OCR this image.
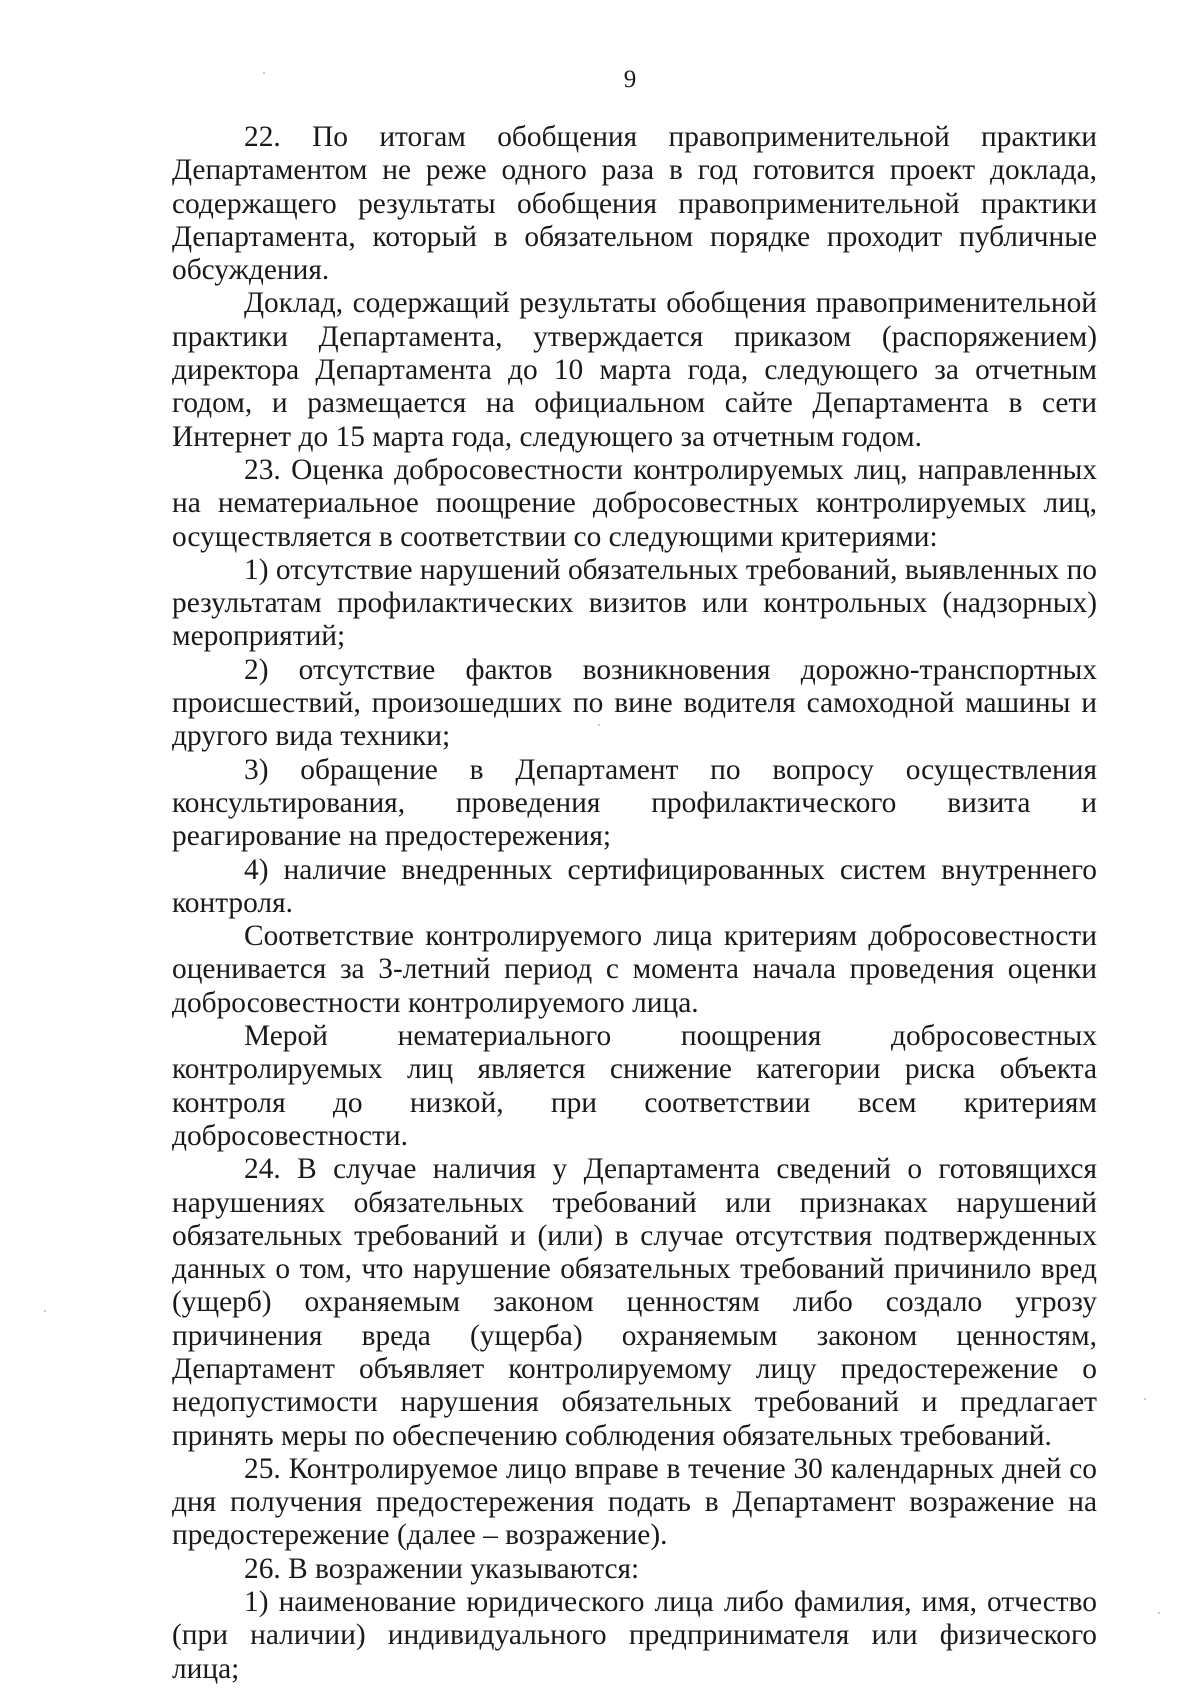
9

22. По итогам обобщения правоприменительной практики Департаментом не реже одного раза в год готовится проект доклада, содержащего результаты обобщения правоприменительной практики Департамента, который в обязательном порядке проходит публичные обсуждения.

Доклад, содержащий результаты обобщения правоприменительной практики Департамента, утверждается приказом (распоряжением) директора Департамента до 10 марта года, следующего за отчетным годом, и размещается на официальном сайте Департамента в сети Интернет до 15 марта года, следующего за отчетным годом.

23. Оценка добросовестности контролируемых лиц, направленных на нематериальное поощрение добросовестных контролируемых лиц, осуществляется в соответствии со следующими критериями:

1) отсутствие нарушений обязательных требований, выявленных по результатам профилактических визитов или контрольных (надзорных) мероприятий;

2) отсутствие фактов возникновения дорожно-транспортных происшествий, произошедших по вине водителя самоходной машины и другого вида техники;

3) обращение в Департамент по вопросу осуществления консультирования, проведения профилактического визита и реагирование на предостережения;

4) наличие внедренных сертифицированных систем внутреннего контроля.

Соответствие контролируемого лица критериям добросовестности оценивается за 3-летний период с момента начала проведения оценки добросовестности контролируемого лица.

Мерой нематериального поощрения добросовестных контролируемых лиц является снижение категории риска объекта контроля до низкой, при соответствии всем критериям добросовестности.

24. В случае наличия у Департамента сведений о готовящихся нарушениях обязательных требований или признаках нарушений обязательных требований и (или) в случае отсутствия подтвержденных данных о том, что нарушение обязательных требований причинило вред (ущерб) охраняемым законом ценностям либо создало угрозу причинения вреда (ущерба) охраняемым законом ценностям, Департамент объявляет контролируемому лицу предостережение о недопустимости нарушения обязательных требований и предлагает принять меры по обеспечению соблюдения обязательных требований.

25. Контролируемое лицо вправе в течение 30 календарных дней со дня получения предостережения подать в Департамент возражение на предостережение (далее – возражение).

26. В возражении указываются:

1) наименование юридического лица либо фамилия, имя, отчество (при наличии) индивидуального предпринимателя или физического лица;
